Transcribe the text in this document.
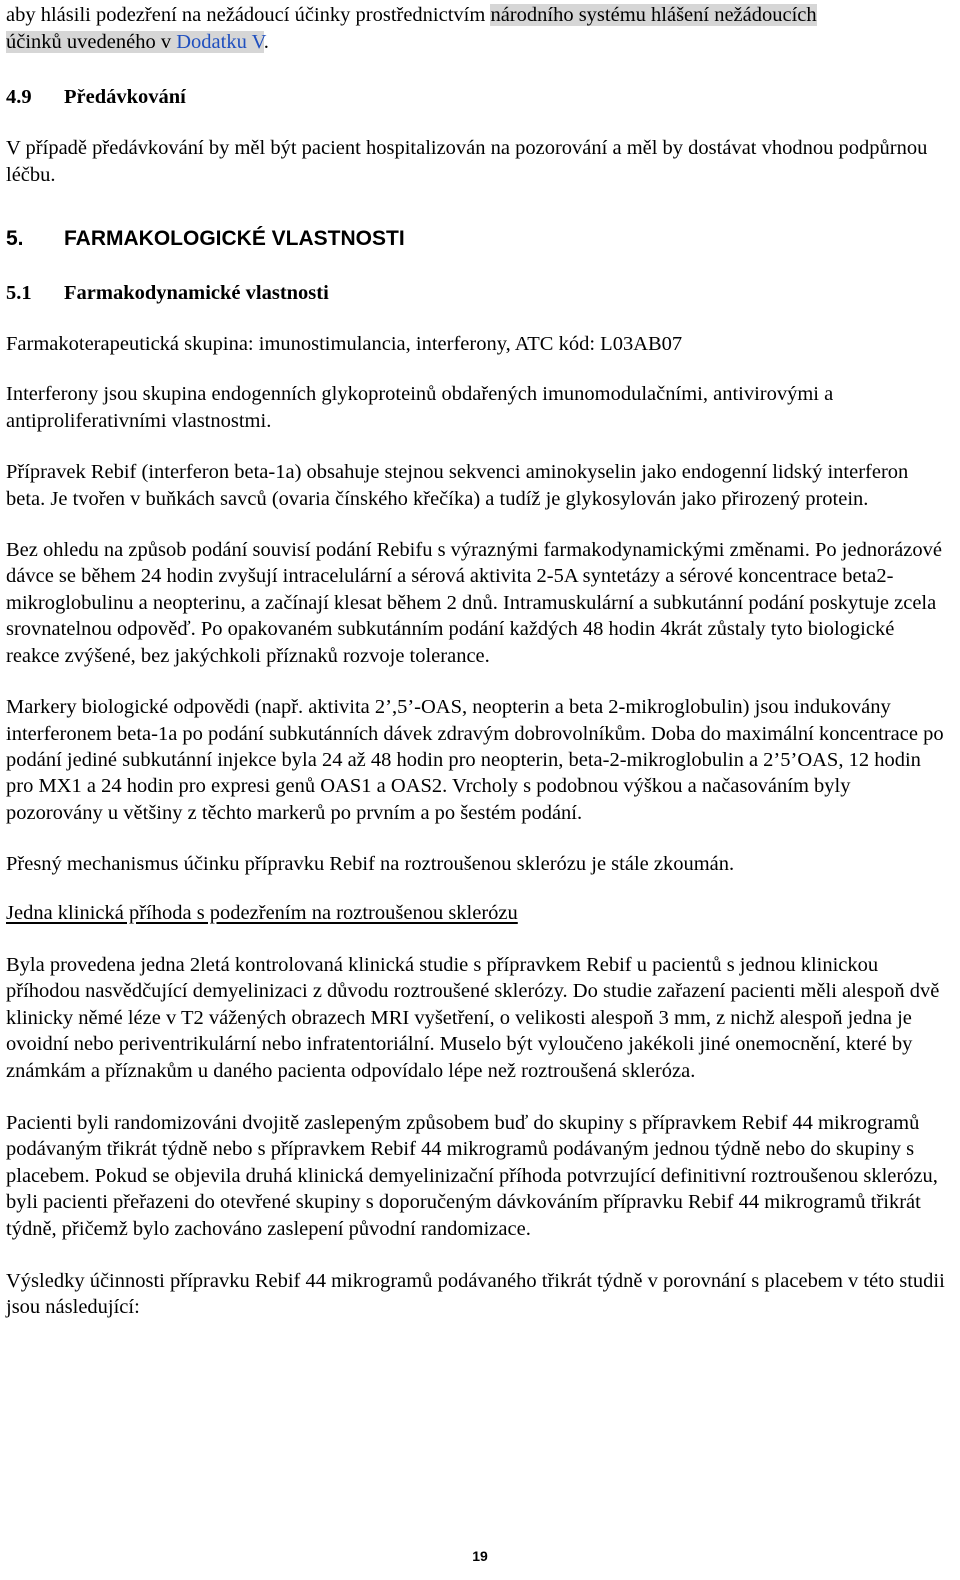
aby hlásili podezření na nežádoucí účinky prostřednictvím národního systému hlášení nežádoucích
účinků uvedeného v Dodatku V.

4.9 Předávkování

V případě předávkování by měl být pacient hospitalizován na pozorování a měl by dostávat vhodnou podpůrnou léčbu.

5. FARMAKOLOGICKÉ VLASTNOSTI

5.1 Farmakodynamické vlastnosti

Farmakoterapeutická skupina: imunostimulancia, interferony, ATC kód: L03AB07

Interferony jsou skupina endogenních glykoproteinů obdařených imunomodulačními, antivirovými a antiproliferativními vlastnostmi.

Přípravek Rebif (interferon beta-1a) obsahuje stejnou sekvenci aminokyselin jako endogenní lidský interferon beta. Je tvořen v buňkách savců (ovaria čínského křečíka) a tudíž je glykosylován jako přirozený protein.

Bez ohledu na způsob podání souvisí podání Rebifu s výraznými farmakodynamickými změnami. Po jednorázové dávce se během 24 hodin zvyšují intracelulární a sérová aktivita 2-5A syntetázy a sérové koncentrace beta2-mikroglobulinu a neopterinu, a začínají klesat během 2 dnů. Intramuskulární a subkutánní podání poskytuje zcela srovnatelnou odpověď. Po opakovaném subkutánním podání každých 48 hodin 4krát zůstaly tyto biologické reakce zvýšené, bez jakýchkoli příznaků rozvoje tolerance.

Markery biologické odpovědi (např. aktivita 2’,5’-OAS, neopterin a beta 2-mikroglobulin) jsou indukovány interferonem beta-1a po podání subkutánních dávek zdravým dobrovolníkům. Doba do maximální koncentrace po podání jediné subkutánní injekce byla 24 až 48 hodin pro neopterin, beta-2-mikroglobulin a 2’5’OAS, 12 hodin pro MX1 a 24 hodin pro expresi genů OAS1 a OAS2. Vrcholy s podobnou výškou a načasováním byly pozorovány u většiny z těchto markerů po prvním a po šestém podání.

Přesný mechanismus účinku přípravku Rebif na roztroušenou sklerózu je stále zkoumán.

Jedna klinická příhoda s podezřením na roztroušenou sklerózu

Byla provedena jedna 2letá kontrolovaná klinická studie s přípravkem Rebif u pacientů s jednou klinickou příhodou nasvědčující demyelinizaci z důvodu roztroušené sklerózy. Do studie zařazení pacienti měli alespoň dvě klinicky němé léze v T2 vážených obrazech MRI vyšetření, o velikosti alespoň 3 mm, z nichž alespoň jedna je ovoidní nebo periventrikulární nebo infratentoriální. Muselo být vyloučeno jakékoli jiné onemocnění, které by známkám a příznakům u daného pacienta odpovídalo lépe než roztroušená skleróza.

Pacienti byli randomizováni dvojitě zaslepeným způsobem buď do skupiny s přípravkem Rebif 44 mikrogramů podávaným třikrát týdně nebo s přípravkem Rebif 44 mikrogramů podávaným jednou týdně nebo do skupiny s placebem. Pokud se objevila druhá klinická demyelinizační příhoda potvrzující definitivní roztroušenou sklerózu, byli pacienti přeřazeni do otevřené skupiny s doporučeným dávkováním přípravku Rebif 44 mikrogramů třikrát týdně, přičemž bylo zachováno zaslepení původní randomizace.

Výsledky účinnosti přípravku Rebif 44 mikrogramů podávaného třikrát týdně v porovnání s placebem v této studii jsou následující:

19
